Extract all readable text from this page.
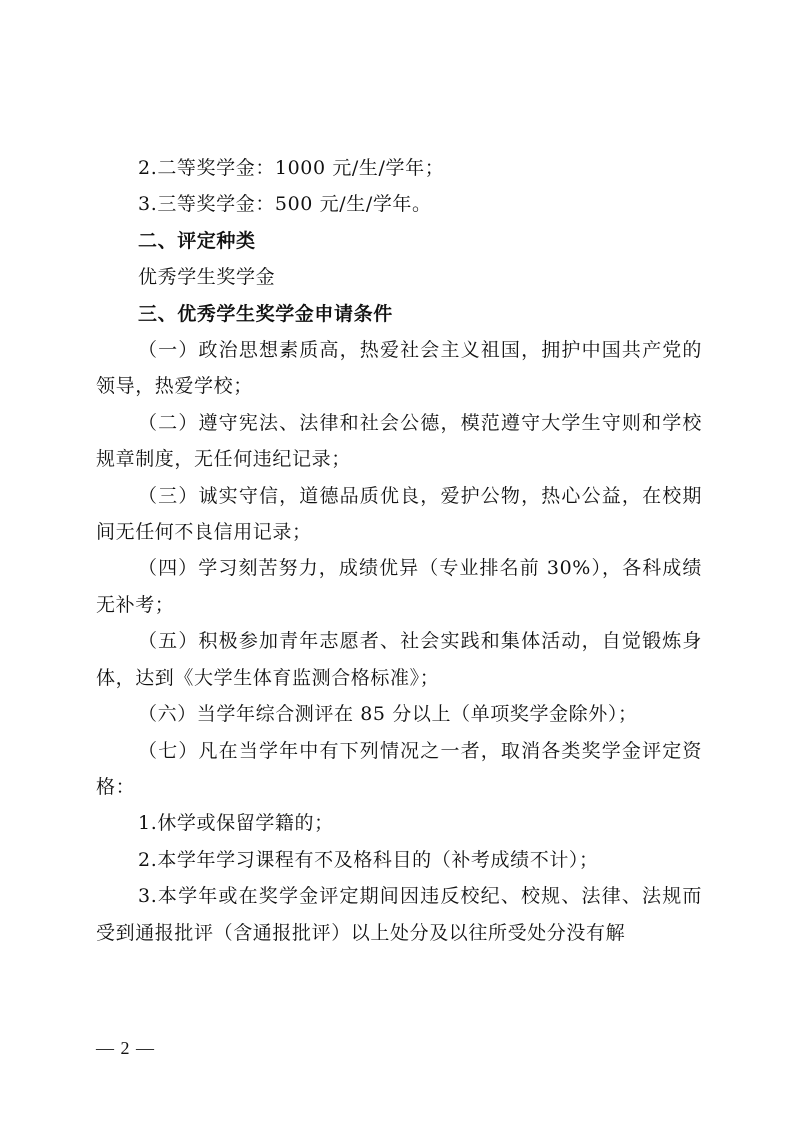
2.二等奖学金：1000 元/生/学年；

3.三等奖学金：500 元/生/学年。

二、评定种类

优秀学生奖学金

三、优秀学生奖学金申请条件

（一）政治思想素质高，热爱社会主义祖国，拥护中国共产党的领导，热爱学校；

（二）遵守宪法、法律和社会公德，模范遵守大学生守则和学校规章制度，无任何违纪记录；

（三）诚实守信，道德品质优良，爱护公物，热心公益，在校期间无任何不良信用记录；

（四）学习刻苦努力，成绩优异（专业排名前 30%），各科成绩无补考；

（五）积极参加青年志愿者、社会实践和集体活动，自觉锻炼身体，达到《大学生体育监测合格标准》；

（六）当学年综合测评在 85 分以上（单项奖学金除外）；

（七）凡在当学年中有下列情况之一者，取消各类奖学金评定资格：

1.休学或保留学籍的；

2.本学年学习课程有不及格科目的（补考成绩不计）；

3.本学年或在奖学金评定期间因违反校纪、校规、法律、法规而受到通报批评（含通报批评）以上处分及以往所受处分没有解

— 2 —
